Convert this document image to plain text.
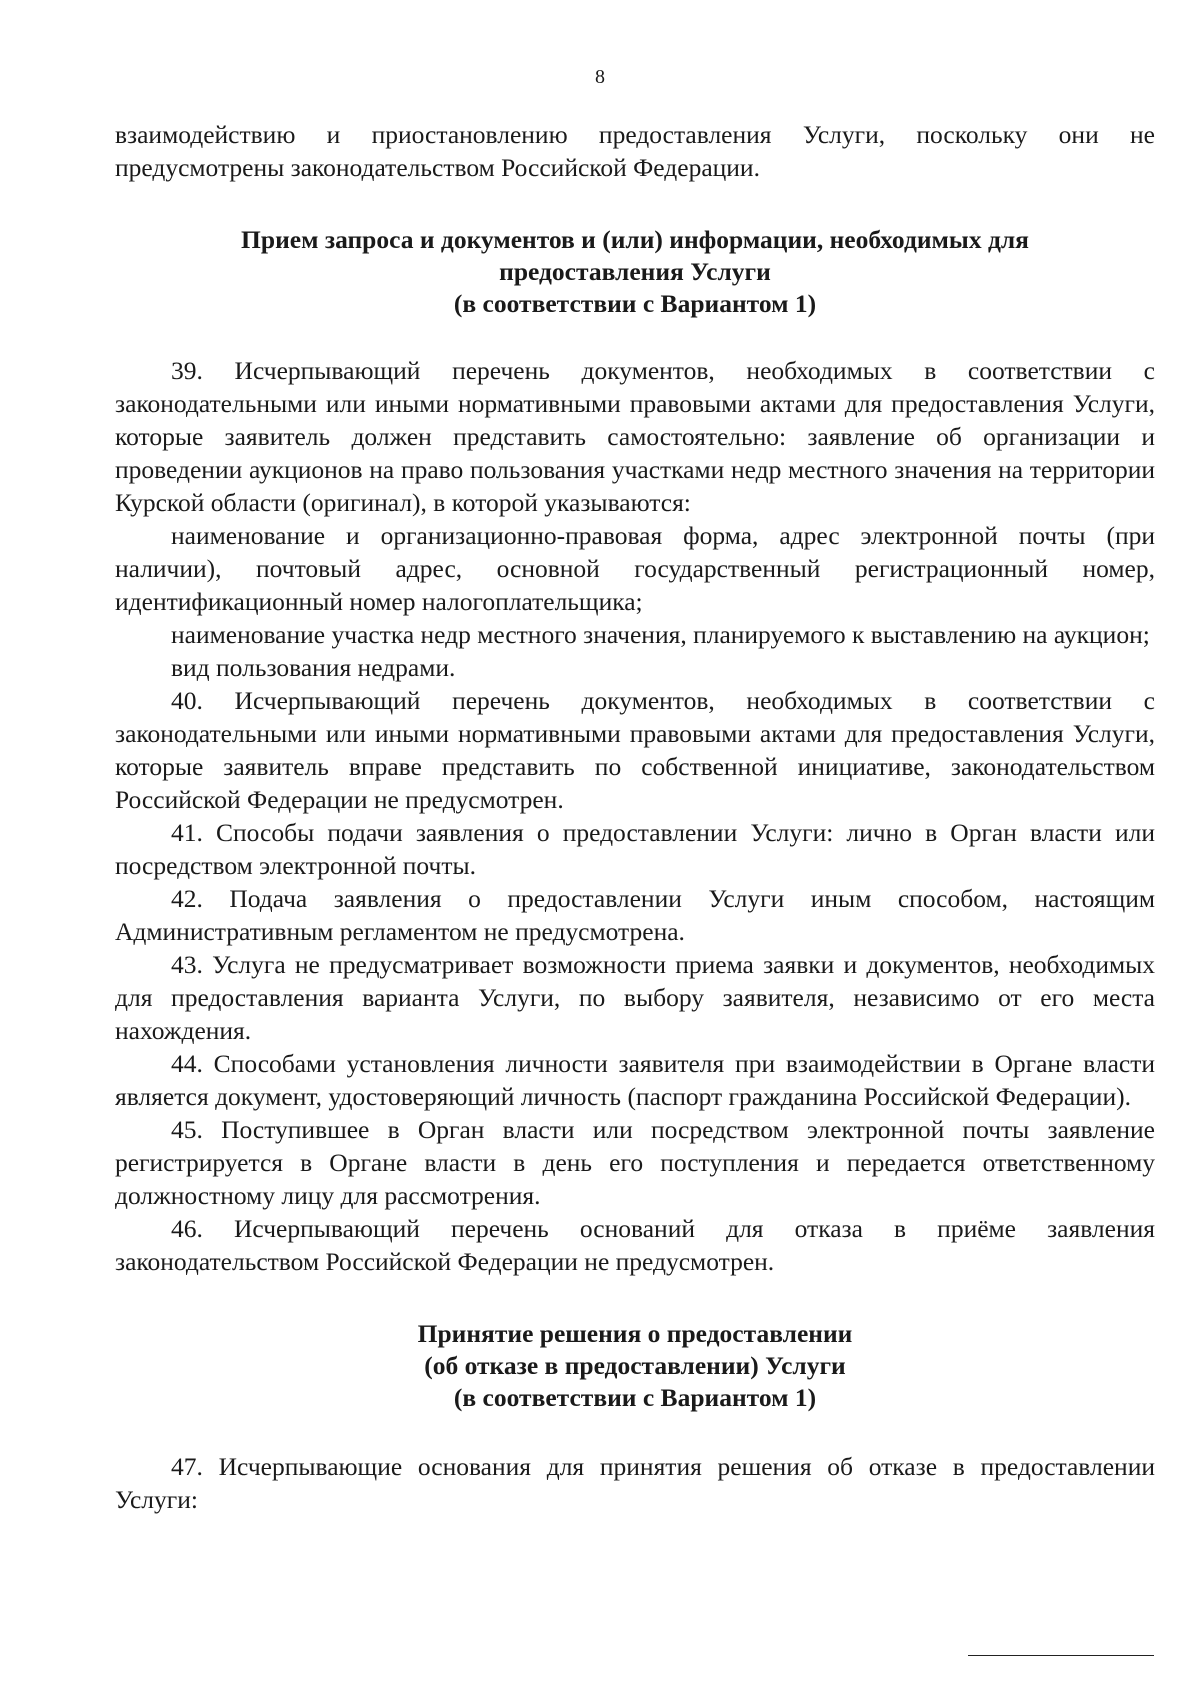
8

взаимодействию и приостановлению предоставления Услуги, поскольку они не предусмотрены законодательством Российской Федерации.

Прием запроса и документов и (или) информации, необходимых для
предоставления Услуги
(в соответствии с Вариантом 1)

39. Исчерпывающий перечень документов, необходимых в соответствии с законодательными или иными нормативными правовыми актами для предоставления Услуги, которые заявитель должен представить самостоятельно: заявление об организации и проведении аукционов на право пользования участками недр местного значения на территории Курской области (оригинал), в которой указываются:

наименование и организационно-правовая форма, адрес электронной почты (при наличии), почтовый адрес, основной государственный регистрационный номер, идентификационный номер налогоплательщика;

наименование участка недр местного значения, планируемого к выставлению на аукцион;

вид пользования недрами.

40. Исчерпывающий перечень документов, необходимых в соответствии с законодательными или иными нормативными правовыми актами для предоставления Услуги, которые заявитель вправе представить по собственной инициативе, законодательством Российской Федерации не предусмотрен.

41. Способы подачи заявления о предоставлении Услуги: лично в Орган власти или посредством электронной почты.

42. Подача заявления о предоставлении Услуги иным способом, настоящим Административным регламентом не предусмотрена.

43. Услуга не предусматривает возможности приема заявки и документов, необходимых для предоставления варианта Услуги, по выбору заявителя, независимо от его места нахождения.

44. Способами установления личности заявителя при взаимодействии в Органе власти является документ, удостоверяющий личность (паспорт гражданина Российской Федерации).

45. Поступившее в Орган власти или посредством электронной почты заявление регистрируется в Органе власти в день его поступления и передается ответственному должностному лицу для рассмотрения.

46. Исчерпывающий перечень оснований для отказа в приёме заявления законодательством Российской Федерации не предусмотрен.

Принятие решения о предоставлении
(об отказе в предоставлении) Услуги
(в соответствии с Вариантом 1)

47. Исчерпывающие основания для принятия решения об отказе в предоставлении Услуги:
